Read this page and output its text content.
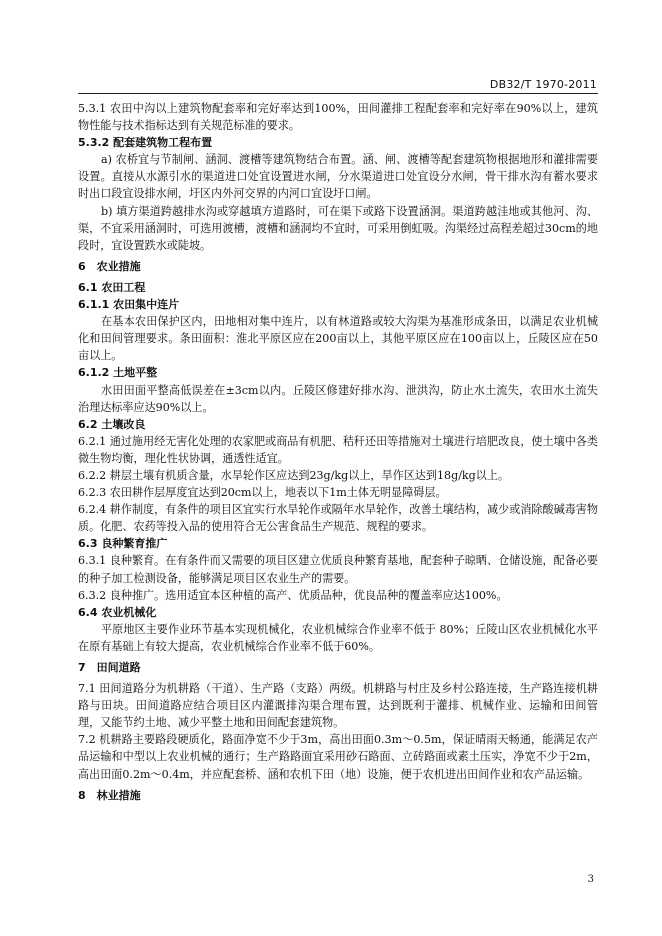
DB32/T 1970-2011
5.3.1 农田中沟以上建筑物配套率和完好率达到100%，田间灌排工程配套率和完好率在90%以上，建筑物性能与技术指标达到有关规范标准的要求。
5.3.2 配套建筑物工程布置
a) 农桥宜与节制闸、涵洞、渡槽等建筑物结合布置。涵、闸、渡槽等配套建筑物根据地形和灌排需要设置。直接从水源引水的渠道进口处宜设置进水闸，分水渠道进口处宜设分水闸，骨干排水沟有蓄水要求时出口段宜设排水闸，圩区内外河交界的内河口宜设圩口闸。
b) 填方渠道跨越排水沟或穿越填方道路时，可在渠下或路下设置涵洞。渠道跨越洼地或其他河、沟、渠，不宜采用涵洞时，可选用渡槽，渡槽和涵洞均不宜时，可采用倒虹吸。沟渠经过高程差超过30cm的地段时，宜设置跌水或陡坡。
6　农业措施
6.1 农田工程
6.1.1 农田集中连片
在基本农田保护区内，田地相对集中连片，以有林道路或较大沟渠为基准形成条田，以满足农业机械化和田间管理要求。条田面积：淮北平原区应在200亩以上，其他平原区应在100亩以上，丘陵区应在50亩以上。
6.1.2 土地平整
水田田面平整高低误差在±3cm以内。丘陵区修建好排水沟、泄洪沟，防止水土流失，农田水土流失治理达标率应达90%以上。
6.2 土壤改良
6.2.1 通过施用经无害化处理的农家肥或商品有机肥、秸秆还田等措施对土壤进行培肥改良，使土壤中各类微生物均衡，理化性状协调，通透性适宜。
6.2.2 耕层土壤有机质含量，水旱轮作区应达到23g/kg以上，旱作区达到18g/kg以上。
6.2.3 农田耕作层厚度宜达到20cm以上，地表以下1m土体无明显障碍层。
6.2.4 耕作制度，有条件的项目区宜实行水旱轮作或隔年水旱轮作，改善土壤结构，减少或消除酸碱毒害物质。化肥、农药等投入品的使用符合无公害食品生产规范、规程的要求。
6.3 良种繁育推广
6.3.1 良种繁育。在有条件而又需要的项目区建立优质良种繁育基地，配套种子晾晒、仓储设施，配备必要的种子加工检测设备，能够满足项目区农业生产的需要。
6.3.2 良种推广。选用适宜本区种植的高产、优质品种，优良品种的覆盖率应达100%。
6.4 农业机械化
平原地区主要作业环节基本实现机械化，农业机械综合作业率不低于 80%；丘陵山区农业机械化水平在原有基础上有较大提高，农业机械综合作业率不低于60%。
7　田间道路
7.1 田间道路分为机耕路（干道）、生产路（支路）两级。机耕路与村庄及乡村公路连接，生产路连接机耕路与田块。田间道路应结合项目区内灌溉排沟渠合理布置，达到既利于灌排、机械作业、运输和田间管理，又能节约土地、减少平整土地和田间配套建筑物。
7.2 机耕路主要路段硬质化，路面净宽不少于3m，高出田面0.3m～0.5m，保证晴雨天畅通，能满足农产品运输和中型以上农业机械的通行；生产路路面宜采用砂石路面、立砖路面或素土压实，净宽不少于2m，高出田面0.2m～0.4m，并应配套桥、涵和农机下田（地）设施，便于农机进出田间作业和农产品运输。
8　林业措施
3
